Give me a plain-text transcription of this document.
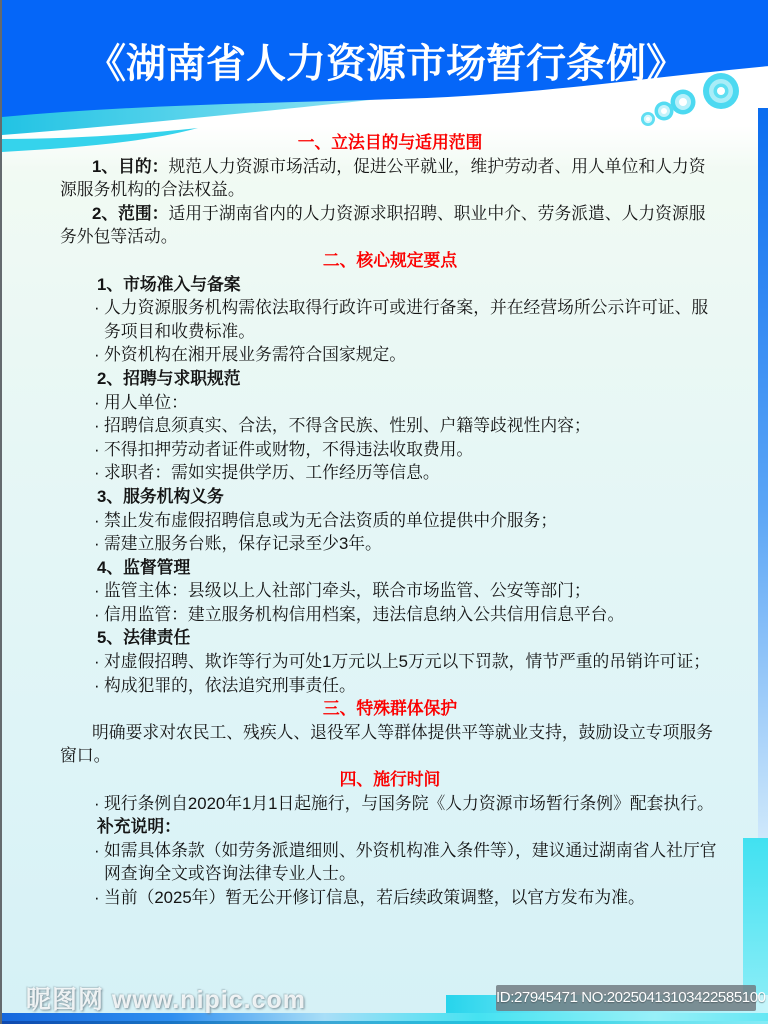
《湖南省人力资源市场暂行条例》
一、立法目的与适用范围
1、目的：规范人力资源市场活动，促进公平就业，维护劳动者、用人单位和人力资源服务机构的合法权益。
2、范围：适用于湖南省内的人力资源求职招聘、职业中介、劳务派遣、人力资源服务外包等活动。
二、核心规定要点
1、市场准入与备案
· 人力资源服务机构需依法取得行政许可或进行备案，并在经营场所公示许可证、服务项目和收费标准。
· 外资机构在湘开展业务需符合国家规定。
2、招聘与求职规范
· 用人单位：
· 招聘信息须真实、合法，不得含民族、性别、户籍等歧视性内容；
· 不得扣押劳动者证件或财物，不得违法收取费用。
· 求职者：需如实提供学历、工作经历等信息。
3、服务机构义务
· 禁止发布虚假招聘信息或为无合法资质的单位提供中介服务；
· 需建立服务台账，保存记录至少3年。
4、监督管理
· 监管主体：县级以上人社部门牵头，联合市场监管、公安等部门；
· 信用监管：建立服务机构信用档案，违法信息纳入公共信用信息平台。
5、法律责任
· 对虚假招聘、欺诈等行为可处1万元以上5万元以下罚款，情节严重的吊销许可证；
· 构成犯罪的，依法追究刑事责任。
三、特殊群体保护
明确要求对农民工、残疾人、退役军人等群体提供平等就业支持，鼓励设立专项服务窗口。
四、施行时间
· 现行条例自2020年1月1日起施行，与国务院《人力资源市场暂行条例》配套执行。
补充说明：
· 如需具体条款（如劳务派遣细则、外资机构准入条件等），建议通过湖南省人社厅官网查询全文或咨询法律专业人士。
· 当前（2025年）暂无公开修订信息，若后续政策调整，以官方发布为准。
昵图网 www.nipic.com	ID:27945471 NO:20250413103422585100
